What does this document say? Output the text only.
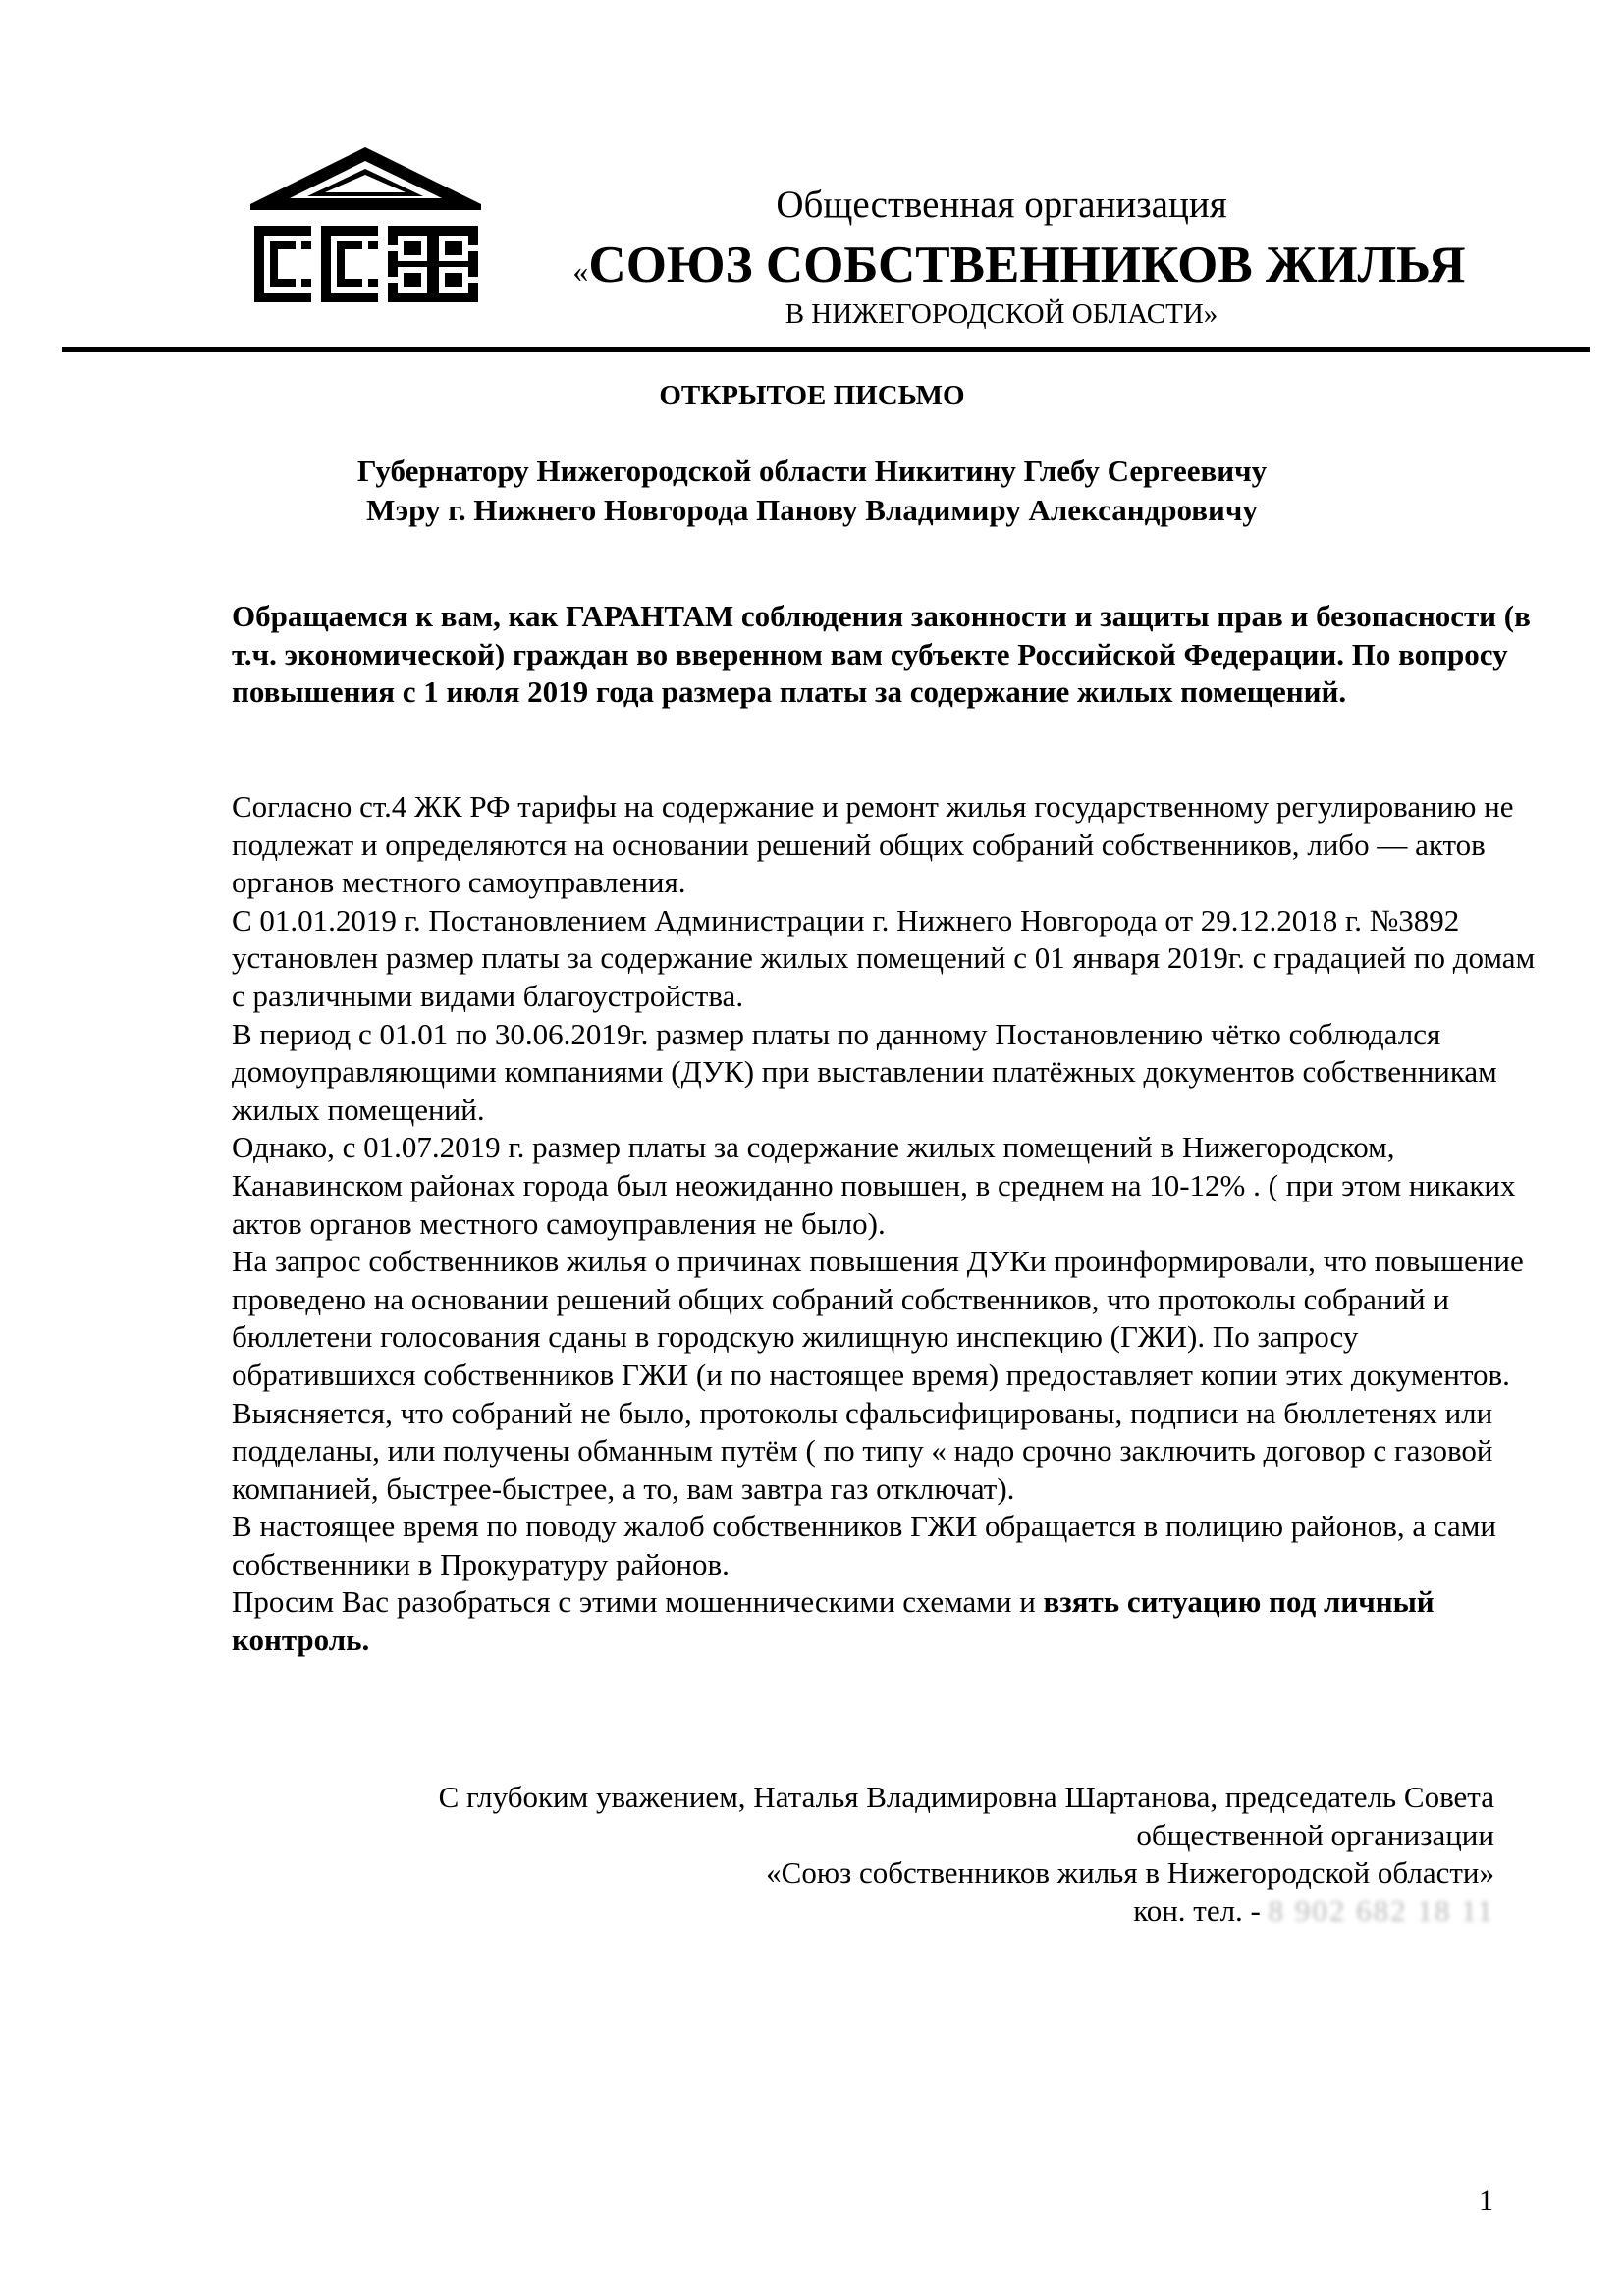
Общественная организация
«СОЮЗ СОБСТВЕННИКОВ ЖИЛЬЯ
В НИЖЕГОРОДСКОЙ ОБЛАСТИ»
ОТКРЫТОЕ ПИСЬМО
Губернатору Нижегородской области Никитину Глебу Сергеевичу
Мэру г. Нижнего Новгорода Панову Владимиру Александровичу

Обращаемся к вам, как ГАРАНТАМ соблюдения законности и защиты прав и безопасности (в т.ч. экономической) граждан во вверенном вам субъекте Российской Федерации. По вопросу повышения с 1 июля 2019 года размера платы за содержание жилых помещений.

Согласно ст.4 ЖК РФ тарифы на содержание и ремонт жилья государственному регулированию не подлежат и определяются на основании решений общих собраний собственников, либо — актов органов местного самоуправления.

С 01.01.2019 г. Постановлением Администрации г. Нижнего Новгорода от 29.12.2018 г. №3892 установлен размер платы за содержание жилых помещений с 01 января 2019г. с градацией по домам с различными видами благоустройства.

В период с 01.01 по 30.06.2019г. размер платы по данному Постановлению чётко соблюдался домоуправляющими компаниями (ДУК) при выставлении платёжных документов собственникам жилых помещений.

Однако, с 01.07.2019 г. размер платы за содержание жилых помещений в Нижегородском, Канавинском районах города был неожиданно повышен, в среднем на 10-12% . ( при этом никаких актов органов местного самоуправления не было).

На запрос собственников жилья о причинах повышения ДУКи проинформировали, что повышение проведено на основании решений общих собраний собственников, что протоколы собраний и бюллетени голосования сданы в городскую жилищную инспекцию (ГЖИ). По запросу обратившихся собственников ГЖИ (и по настоящее время) предоставляет копии этих документов. Выясняется, что собраний не было, протоколы сфальсифицированы, подписи на бюллетенях или подделаны, или получены обманным путём ( по типу « надо срочно заключить договор с газовой компанией, быстрее-быстрее, а то, вам завтра газ отключат).

В настоящее время по поводу жалоб собственников ГЖИ обращается в полицию районов, а сами собственники в Прокуратуру районов.

Просим Вас разобраться с этими мошенническими схемами и взять ситуацию под личный контроль.

С глубоким уважением, Наталья Владимировна Шартанова, председатель Совета
общественной организации
«Союз собственников жилья в Нижегородской области»
кон. тел. - 8 902 682 18 11
1
